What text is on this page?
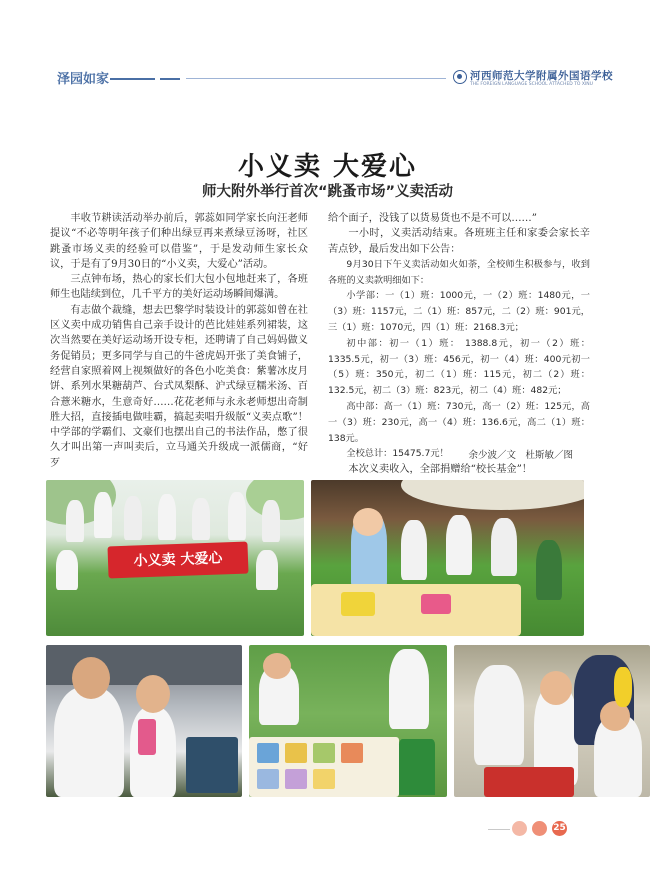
泽园如家	河西师范大学附属外国语学校
THE FOREIGN LANGUAGE SCHOOL ATTACHED TO XINU
小义卖 大爱心
师大附外举行首次“跳蚤市场”义卖活动

丰收节耕读活动举办前后，郭蕊如同学家长向汪老师提议“不必等明年孩子们种出绿豆再来煮绿豆汤呀，社区跳蚤市场义卖的经验可以借鉴”，于是发动师生家长众议，于是有了9月30日的“小义卖，大爱心”活动。

三点钟布场，热心的家长们大包小包地赶来了，各班师生也陆续到位，几千平方的美好运动场瞬间爆满。

有志做个裁缝，想去巴黎学时装设计的郭蕊如曾在社区义卖中成功销售自己亲手设计的芭比娃娃系列裙装，这次当然要在美好运动场开设专柜，还聘请了自己妈妈做义务促销员；更多同学与自己的牛爸虎妈开张了美食铺子，经营自家照着网上视频做好的各色小吃美食：紫薯冰皮月饼、系列水果糖葫芦、台式凤梨酥、沪式绿豆糯米汤、百合薏米糖水，生意奇好……花花老师与永永老师想出奇制胜大招，直接插电做哇霸，搞起卖唱升级版“义卖点歌”！中学部的学霸们、文豪们也摆出自己的书法作品，憋了很久才叫出第一声叫卖后，立马通关升级成一派儒商，“好歹

给个面子，没钱了以货易货也不是不可以……”

一小时，义卖活动结束。各班班主任和家委会家长辛苦点钞，最后发出如下公告：

9月30日下午义卖活动如火如荼，全校师生积极参与，收到各班的义卖款明细如下：

小学部：一（1）班：1000元，一（2）班：1480元，一（3）班：1157元，二（1）班：857元，二（2）班：901元，三（1）班：1070元，四（1）班：2168.3元；

初中部：初一（1）班： 1388.8元，初一（2）班：1335.5元，初一（3）班：456元，初一（4）班：400元初一（5）班：350元，初二（1）班：115元，初二（2）班：132.5元，初二（3）班：823元，初二（4）班：482元；

高中部：高一（1）班：730元，高一（2）班：125元，高一（3）班：230元，高一（4）班：136.6元，高二（1）班：138元。

全校总计：15475.7元！

本次义卖收入，全部捐赠给“校长基金”！

余少波／文　杜斯敏／图
小义卖 大爱心
25
